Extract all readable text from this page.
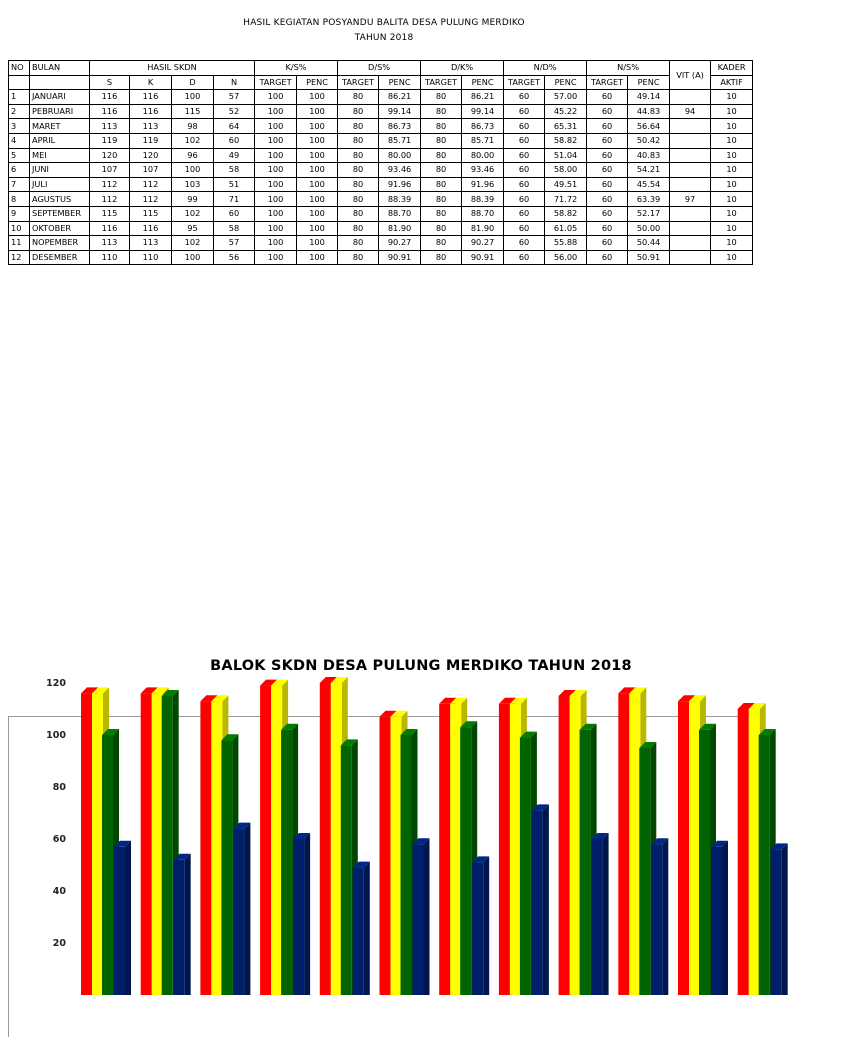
HASIL KEGIATAN POSYANDU BALITA DESA PULUNG MERDIKO
TAHUN 2018
NO	BULAN	HASIL SKDN				K/S%		D/S%		D/K%		N/D%		N/S%		VIT (A)	KADER
		S	K	D	N	TARGET	PENC	TARGET	PENC	TARGET	PENC	TARGET	PENC	TARGET	PENC		AKTIF
1	JANUARI	116	116	100	57	100	100	80	86.21	80	86.21	60	57.00	60	49.14		10
2	PEBRUARI	116	116	115	52	100	100	80	99.14	80	99.14	60	45.22	60	44.83	94	10
3	MARET	113	113	98	64	100	100	80	86.73	80	86.73	60	65.31	60	56.64		10
4	APRIL	119	119	102	60	100	100	80	85.71	80	85.71	60	58.82	60	50.42		10
5	MEI	120	120	96	49	100	100	80	80.00	80	80.00	60	51.04	60	40.83		10
6	JUNI	107	107	100	58	100	100	80	93.46	80	93.46	60	58.00	60	54.21		10
7	JULI	112	112	103	51	100	100	80	91.96	80	91.96	60	49.51	60	45.54		10
8	AGUSTUS	112	112	99	71	100	100	80	88.39	80	88.39	60	71.72	60	63.39	97	10
9	SEPTEMBER	115	115	102	60	100	100	80	88.70	80	88.70	60	58.82	60	52.17		10
10	OKTOBER	116	116	95	58	100	100	80	81.90	80	81.90	60	61.05	60	50.00		10
11	NOPEMBER	113	113	102	57	100	100	80	90.27	80	90.27	60	55.88	60	50.44		10
12	DESEMBER	110	110	100	56	100	100	80	90.91	80	90.91	60	56.00	60	50.91		10
BALOK SKDN DESA PULUNG MERDIKO TAHUN 2018
120
100
80
60
40
20
